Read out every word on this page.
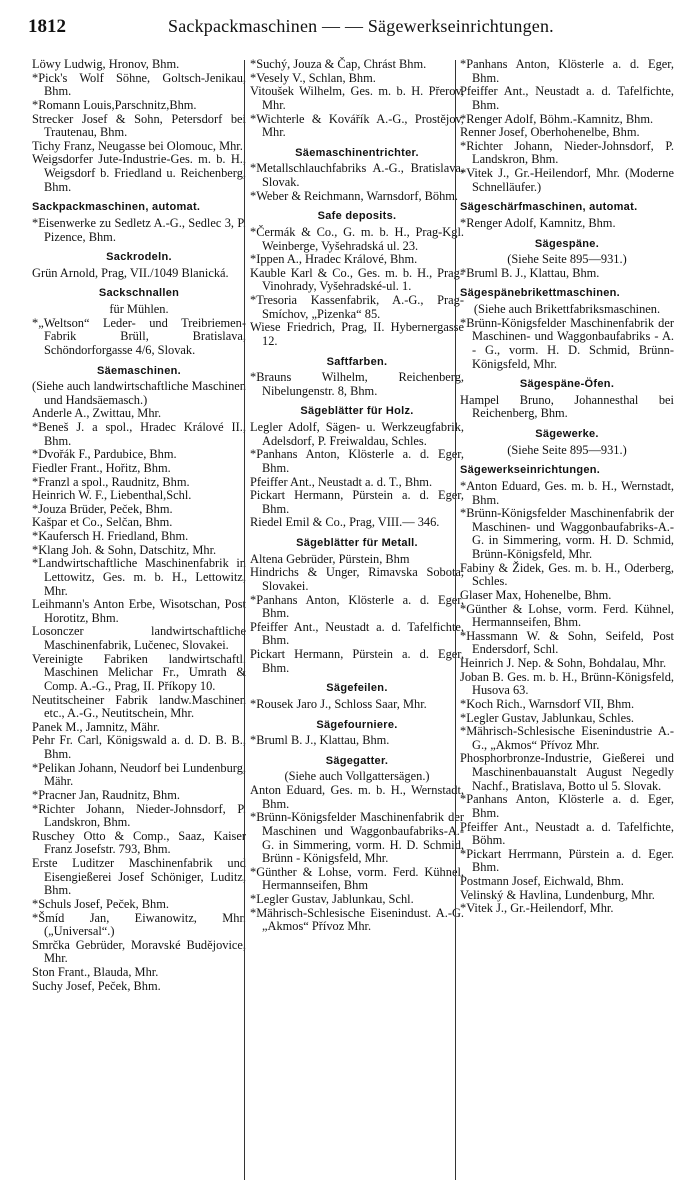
1812	Sackpackmaschinen — — Sägewerkseinrichtungen.
Löwy Ludwig, Hronov, Bhm.
*Pick's Wolf Söhne, Goltsch-Jenikau, Bhm.
*Romann Louis,Parschnitz,Bhm.
Strecker Josef & Sohn, Petersdorf bei Trautenau, Bhm.
Tichy Franz, Neugasse bei Olomouc, Mhr.
Weigsdorfer Jute-Industrie-Ges. m. b. H., Weigsdorf b. Friedland u. Reichenberg, Bhm.
Sackpackmaschinen, automat.
*Eisenwerke zu Sedletz A.-G., Sedlec 3, P. Pizence, Bhm.
Sackrodeln.
Grün Arnold, Prag, VII./1049 Blanická.
Sackschnallen
für Mühlen.
*„Weltson“ Leder- und Treibriemen-Fabrik Brüll, Bratislava, Schöndorforgasse 4/6, Slovak.
Säemaschinen.
(Siehe auch landwirtschaftliche Maschinen und Handsäemasch.)
Anderle A., Zwittau, Mhr.
*Beneš J. a spol., Hradec Králové II., Bhm.
*Dvořák F., Pardubice, Bhm.
Fiedler Frant., Hořitz, Bhm.
*Franzl a spol., Raudnitz, Bhm.
Heinrich W. F., Liebenthal,Schl.
*Jouza Brüder, Peček, Bhm.
Kašpar et Co., Selčan, Bhm.
*Kaufersch H. Friedland, Bhm.
*Klang Joh. & Sohn, Datschitz, Mhr.
*Landwirtschaftliche Maschinenfabrik in Lettowitz, Ges. m. b. H., Lettowitz, Mhr.
Leihmann's Anton Erbe, Wisotschan, Post Horotitz, Bhm.
Losonczer landwirtschaftliche Maschinenfabrik, Lučenec, Slovakei.
Vereinigte Fabriken landwirtschaftl. Maschinen Melichar Fr., Umrath & Comp. A.-G., Prag, II. Příkopy 10.
Neutitscheiner Fabrik landw.Maschinen etc., A.-G., Neutitschein, Mhr.
Panek M., Jamnitz, Mähr.
Pehr Fr. Carl, Königswald a. d. D. B. B., Bhm.
*Pelikan Johann, Neudorf bei Lundenburg, Mähr.
*Pracner Jan, Raudnitz, Bhm.
*Richter Johann, Nieder-Johnsdorf, P. Landskron, Bhm.
Ruschey Otto & Comp., Saaz, Kaiser Franz Josefstr. 793, Bhm.
Erste Luditzer Maschinenfabrik und Eisengießerei Josef Schöniger, Luditz, Bhm.
*Schuls Josef, Peček, Bhm.
*Šmíd Jan, Eiwanowitz, Mhr. („Universal“.)
Smrčka Gebrüder, Moravské Budějovice, Mhr.
Ston Frant., Blauda, Mhr.
Suchy Josef, Peček, Bhm.
*Suchý, Jouza & Čap, Chrást Bhm.
*Vesely V., Schlan, Bhm.
Vitoušek Wilhelm, Ges. m. b. H. Přerov, Mhr.
*Wichterle & Kovářík A.-G., Prostějov, Mhr.
Säemaschinentrichter.
*Metallschlauchfabriks A.-G., Bratislava, Slovak.
*Weber & Reichmann, Warnsdorf, Böhm.
Safe deposits.
*Čermák & Co., G. m. b. H., Prag-Kgl. Weinberge, Vyšehradská ul. 23.
*Ippen A., Hradec Králové, Bhm.
Kauble Karl & Co., Ges. m. b. H., Prag-Vinohrady, Vyšehradské-ul. 1.
*Tresoria Kassenfabrik, A.-G., Prag-Smíchov, „Pizenka“ 85.
Wiese Friedrich, Prag, II. Hybernergasse 12.
Saftfarben.
*Brauns Wilhelm, Reichenberg, Nibelungenstr. 8, Bhm.
Sägeblätter für Holz.
Legler Adolf, Sägen- u. Werkzeugfabrik, Adelsdorf, P. Freiwaldau, Schles.
*Panhans Anton, Klösterle a. d. Eger, Bhm.
Pfeiffer Ant., Neustadt a. d. T., Bhm.
Pickart Hermann, Pürstein a. d. Eger, Bhm.
Riedel Emil & Co., Prag, VIII.— 346.
Sägeblätter für Metall.
Altena Gebrüder, Pürstein, Bhm
Hindrichs & Unger, Rimavska Sobota, Slovakei.
*Panhans Anton, Klösterle a. d. Eger, Bhm.
Pfeiffer Ant., Neustadt a. d. Tafelfichte, Bhm.
Pickart Hermann, Pürstein a. d. Eger, Bhm.
Sägefeilen.
*Rousek Jaro J., Schloss Saar, Mhr.
Sägefourniere.
*Bruml B. J., Klattau, Bhm.
Sägegatter.
(Siehe auch Vollgattersägen.)
Anton Eduard, Ges. m. b. H., Wernstadt, Bhm.
*Brünn-Königsfelder Maschinenfabrik der Maschinen und Waggonbaufabriks-A.-G. in Simmering, vorm. H. D. Schmid, Brünn - Königsfeld, Mhr.
*Günther & Lohse, vorm. Ferd. Kühnel, Hermannseifen, Bhm
*Legler Gustav, Jablunkau, Schl.
*Mährisch-Schlesische Eisenindust. A.-G. „Akmos“ Přívoz Mhr.
*Panhans Anton, Klösterle a. d. Eger, Bhm.
Pfeiffer Ant., Neustadt a. d. Tafelfichte, Bhm.
*Renger Adolf, Böhm.-Kamnitz, Bhm.
Renner Josef, Oberhohenelbe, Bhm.
*Richter Johann, Nieder-Johnsdorf, P. Landskron, Bhm.
*Vitek J., Gr.-Heilendorf, Mhr. (Moderne Schnelläufer.)
Sägeschärfmaschinen, automat.
*Renger Adolf, Kamnitz, Bhm.
Sägespäne.
(Siehe Seite 895—931.)
*Bruml B. J., Klattau, Bhm.
Sägespänebrikettmaschinen.
(Siehe auch Brikettfabriksmaschinen.
*Brünn-Königsfelder Maschinenfabrik der Maschinen- und Waggonbaufabriks - A. - G., vorm. H. D. Schmid, Brünn-Königsfeld, Mhr.
Sägespäne-Öfen.
Hampel Bruno, Johannesthal bei Reichenberg, Bhm.
Sägewerke.
(Siehe Seite 895—931.)
Sägewerkseinrichtungen.
*Anton Eduard, Ges. m. b. H., Wernstadt, Bhm.
*Brünn-Königsfelder Maschinenfabrik der Maschinen- und Waggonbaufabriks-A.-G. in Simmering, vorm. H. D. Schmid, Brünn-Königsfeld, Mhr.
Fabiny & Židek, Ges. m. b. H., Oderberg, Schles.
Glaser Max, Hohenelbe, Bhm.
*Günther & Lohse, vorm. Ferd. Kühnel, Hermannseifen, Bhm.
*Hassmann W. & Sohn, Seifeld, Post Endersdorf, Schl.
Heinrich J. Nep. & Sohn, Bohdalau, Mhr.
Joban B. Ges. m. b. H., Brünn-Königsfeld, Husova 63.
*Koch Rich., Warnsdorf VII, Bhm.
*Legler Gustav, Jablunkau, Schles.
*Mährisch-Schlesische Eisenindustrie A.-G., „Akmos“ Přívoz Mhr.
Phosphorbronze-Industrie, Gießerei und Maschinenbauanstalt August Negedly Nachf., Bratislava, Botto ul 5. Slovak.
*Panhans Anton, Klösterle a. d. Eger, Bhm.
Pfeiffer Ant., Neustadt a. d. Tafelfichte, Böhm.
*Pickart Herrmann, Pürstein a. d. Eger. Bhm.
Postmann Josef, Eichwald, Bhm.
Velinský & Havlina, Lundenburg, Mhr.
*Vitek J., Gr.-Heilendorf, Mhr.
